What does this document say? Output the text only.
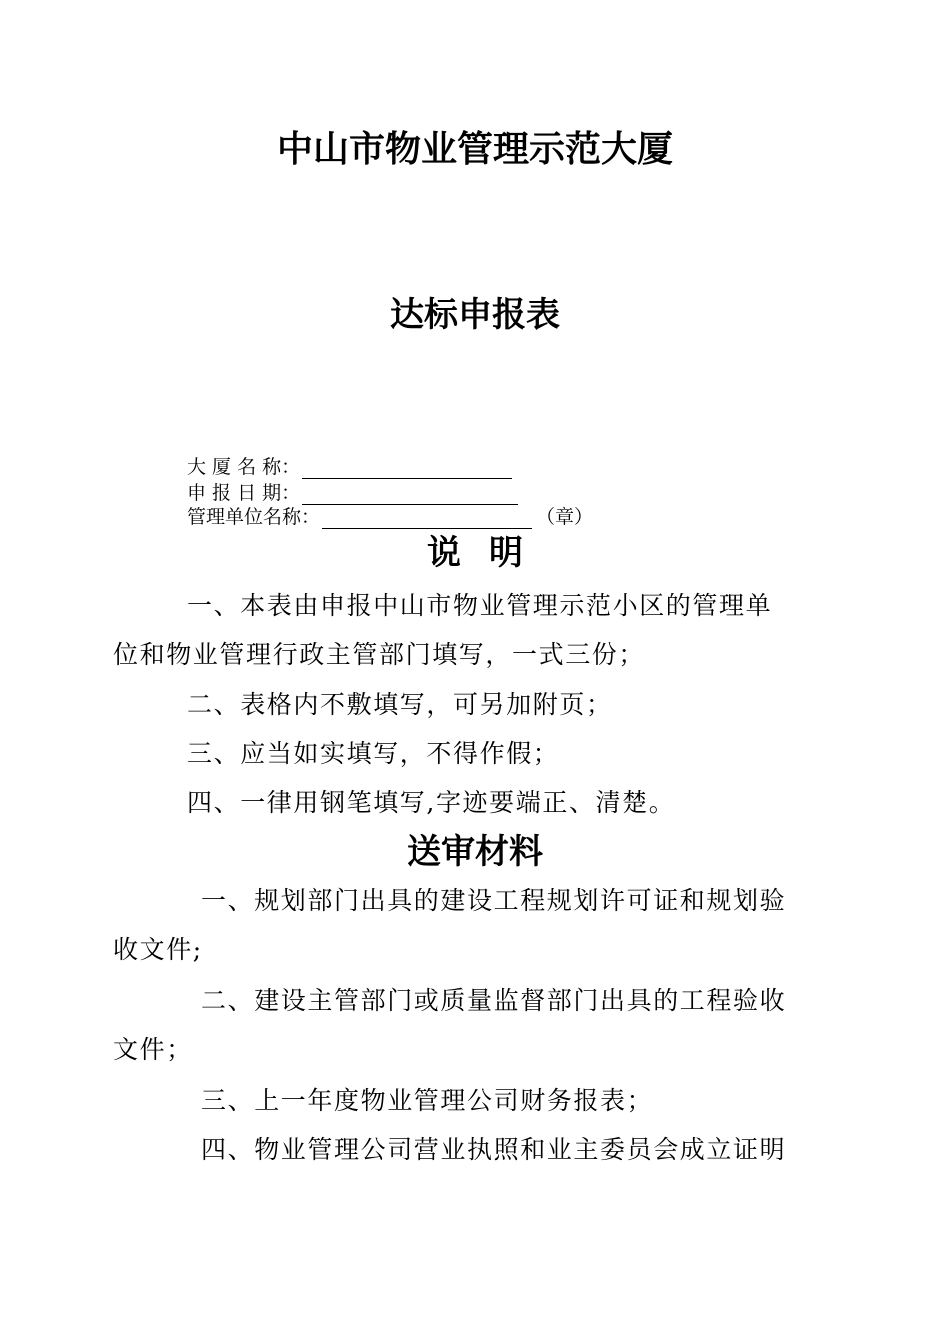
中山市物业管理示范大厦
达标申报表
大 厦 名 称：
申 报 日 期：
管理单位名称：	（章）
说 明
一、本表由申报中山市物业管理示范小区的管理单
位和物业管理行政主管部门填写，一式三份；
二、表格内不敷填写，可另加附页；
三、应当如实填写，不得作假；
四、一律用钢笔填写,字迹要端正、清楚。
送审材料
一、规划部门出具的建设工程规划许可证和规划验
收文件;
二、建设主管部门或质量监督部门出具的工程验收
文件；
三、上一年度物业管理公司财务报表；
四、物业管理公司营业执照和业主委员会成立证明
